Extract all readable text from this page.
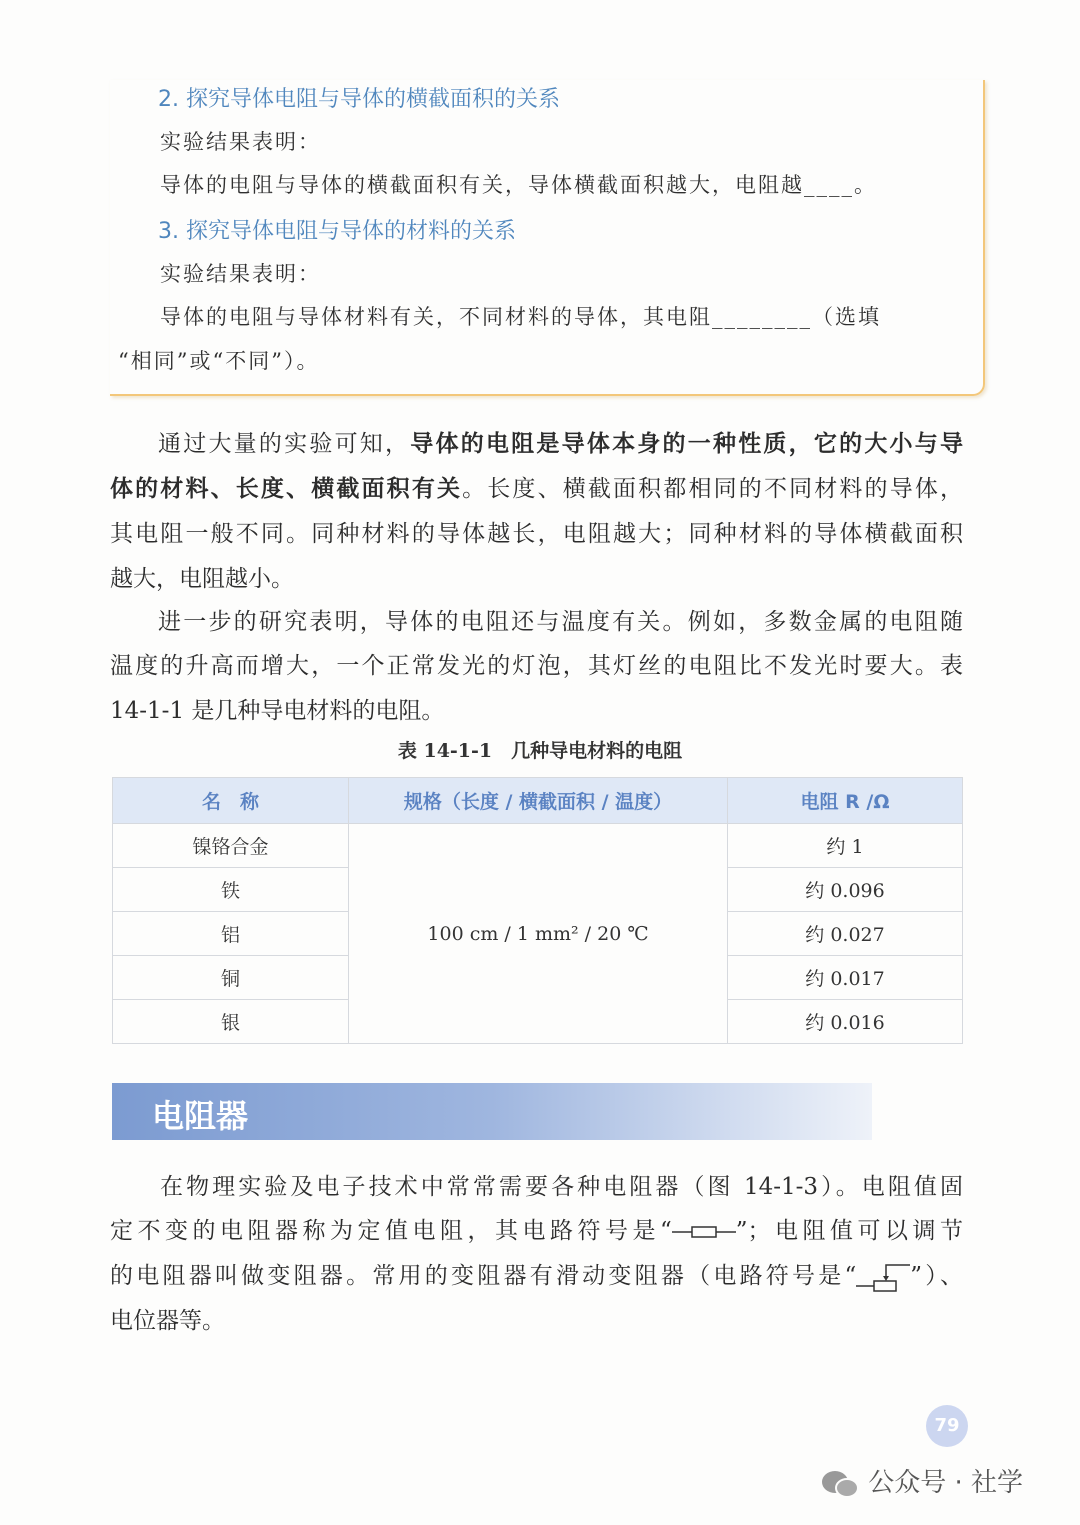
2. 探究导体电阻与导体的横截面积的关系
实验结果表明：
导体的电阻与导体的横截面积有关，导体横截面积越大，电阻越____。
3. 探究导体电阻与导体的材料的关系
实验结果表明：
导体的电阻与导体材料有关，不同材料的导体，其电阻________（选填
“相同”或“不同”）。
通过大量的实验可知，导体的电阻是导体本身的一种性质，它的大小与导
体的材料、长度、横截面积有关。长度、横截面积都相同的不同材料的导体，
其电阻一般不同。同种材料的导体越长，电阻越大；同种材料的导体横截面积
越大，电阻越小。
进一步的研究表明，导体的电阻还与温度有关。例如，多数金属的电阻随
温度的升高而增大，一个正常发光的灯泡，其灯丝的电阻比不发光时要大。表
14-1-1 是几种导电材料的电阻。
表 14-1-1　几种导电材料的电阻
名　称	规格（长度 / 横截面积 / 温度）	电阻 R /Ω
镍铬合金	100 cm / 1 mm² / 20 ℃	约 1
铁		约 0.096
铝		约 0.027
铜		约 0.017
银		约 0.016
电阻器
在物理实验及电子技术中常常需要各种电阻器（图 14-1-3）。电阻值固
定不变的电阻器称为定值电阻，其电路符号是“	”；电阻值可以调节
的电阻器叫做变阻器。常用的变阻器有滑动变阻器（电路符号是“ ”）、
电位器等。
79
公众号 · 社学
